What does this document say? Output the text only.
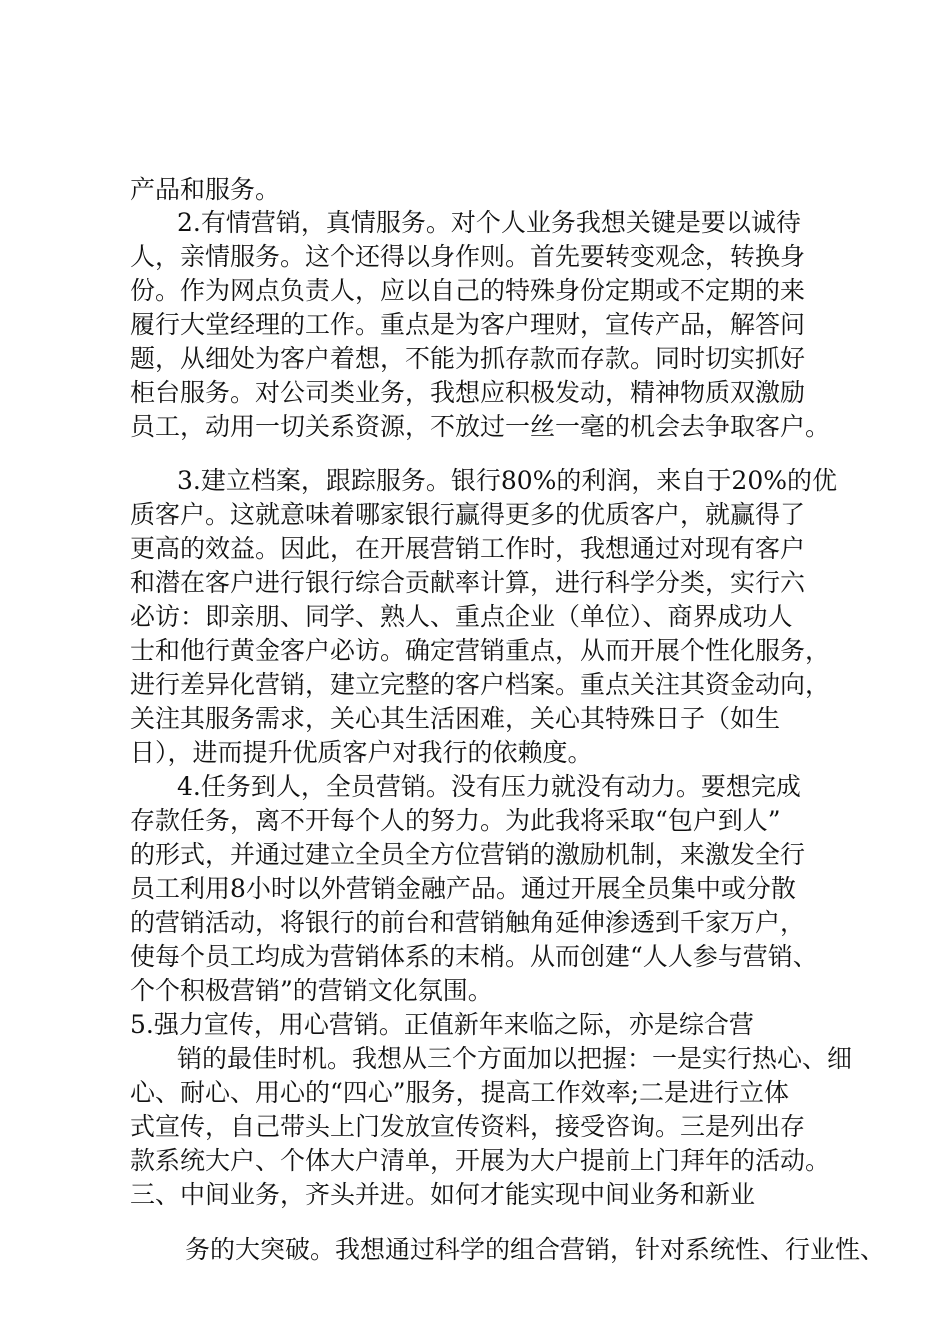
产品和服务。
2.有情营销，真情服务。对个人业务我想关键是要以诚待
人，亲情服务。这个还得以身作则。首先要转变观念，转换身
份。作为网点负责人，应以自己的特殊身份定期或不定期的来
履行大堂经理的工作。重点是为客户理财，宣传产品，解答问
题，从细处为客户着想，不能为抓存款而存款。同时切实抓好
柜台服务。对公司类业务，我想应积极发动，精神物质双激励
员工，动用一切关系资源，不放过一丝一毫的机会去争取客户。
3.建立档案，跟踪服务。银行80%的利润，来自于20%的优
质客户。这就意味着哪家银行赢得更多的优质客户，就赢得了
更高的效益。因此，在开展营销工作时，我想通过对现有客户
和潜在客户进行银行综合贡献率计算，进行科学分类，实行六
必访：即亲朋、同学、熟人、重点企业（单位）、商界成功人
士和他行黄金客户必访。确定营销重点，从而开展个性化服务，
进行差异化营销，建立完整的客户档案。重点关注其资金动向，
关注其服务需求，关心其生活困难，关心其特殊日子（如生
日），进而提升优质客户对我行的依赖度。
4.任务到人，全员营销。没有压力就没有动力。要想完成
存款任务，离不开每个人的努力。为此我将采取“包户到人”
的形式，并通过建立全员全方位营销的激励机制，来激发全行
员工利用8小时以外营销金融产品。通过开展全员集中或分散
的营销活动，将银行的前台和营销触角延伸渗透到千家万户，
使每个员工均成为营销体系的末梢。从而创建“人人参与营销、
个个积极营销”的营销文化氛围。
5.强力宣传，用心营销。正值新年来临之际，亦是综合营
销的最佳时机。我想从三个方面加以把握：一是实行热心、细
心、耐心、用心的“四心”服务，提高工作效率;二是进行立体
式宣传，自己带头上门发放宣传资料，接受咨询。三是列出存
款系统大户、个体大户清单，开展为大户提前上门拜年的活动。
三、中间业务，齐头并进。如何才能实现中间业务和新业
务的大突破。我想通过科学的组合营销，针对系统性、行业性、
